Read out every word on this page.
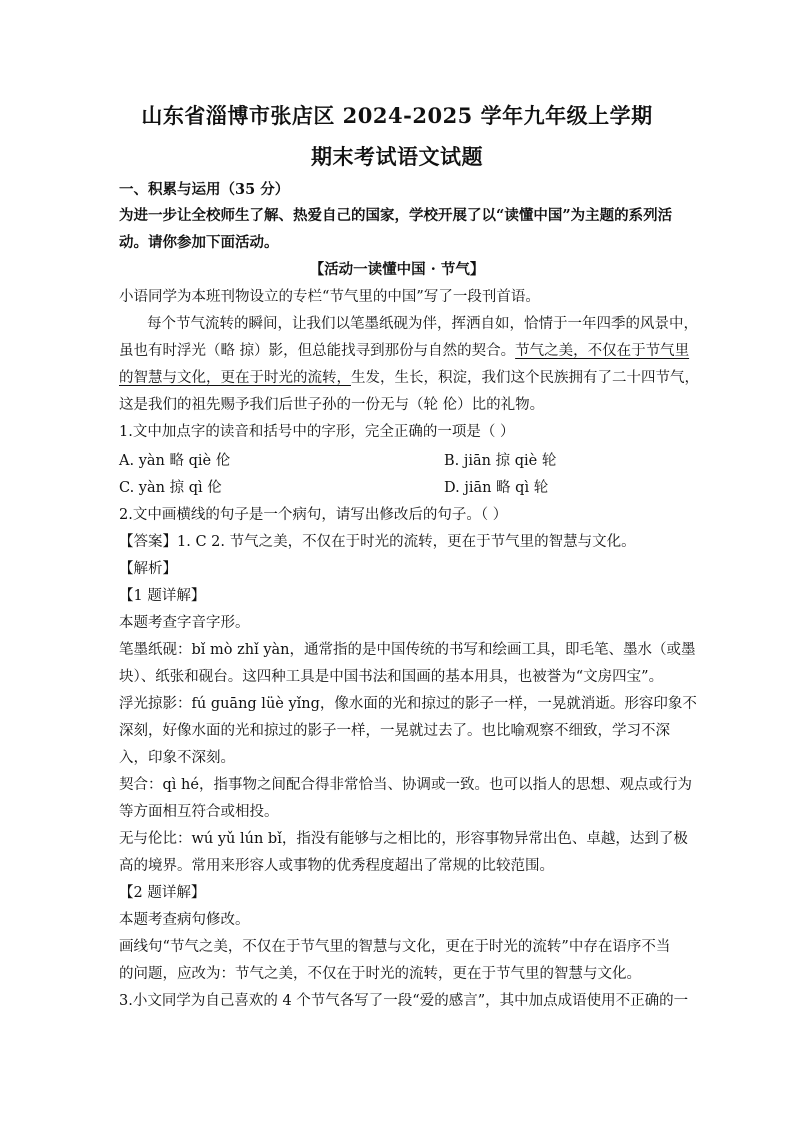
山东省淄博市张店区 2024-2025 学年九年级上学期
期末考试语文试题
一、积累与运用（35 分）
为进一步让全校师生了解、热爱自己的国家，学校开展了以“读懂中国”为主题的系列活
动。请你参加下面活动。
【活动一读懂中国 · 节气】
小语同学为本班刊物设立的专栏“节气里的中国”写了一段刊首语。
每个节气流转的瞬间，让我们以笔墨纸砚为伴，挥洒自如，恰情于一年四季的风景中，
虽也有时浮光（略 掠）影，但总能找寻到那份与自然的契合。节气之美，不仅在于节气里
的智慧与文化，更在于时光的流转，生发，生长，积淀，我们这个民族拥有了二十四节气，
这是我们的祖先赐予我们后世子孙的一份无与（轮 伦）比的礼物。
1.文中加点字的读音和括号中的字形，完全正确的一项是（ ）
A. yàn 略 qiè 伦	B. jiān 掠 qiè 轮
C. yàn 掠 qì 伦	D. jiān 略 qì 轮
2.文中画横线的句子是一个病句，请写出修改后的句子。（ ）
【答案】1. C 2. 节气之美，不仅在于时光的流转，更在于节气里的智慧与文化。
【解析】
【1 题详解】
本题考查字音字形。
笔墨纸砚：bǐ mò zhǐ yàn，通常指的是中国传统的书写和绘画工具，即毛笔、墨水（或墨
块）、纸张和砚台。这四种工具是中国书法和国画的基本用具，也被誉为“文房四宝”。
浮光掠影：fú guāng lüè yǐng，像水面的光和掠过的影子一样，一晃就消逝。形容印象不
深刻，好像水面的光和掠过的影子一样，一晃就过去了。也比喻观察不细致，学习不深
入，印象不深刻。
契合：qì hé，指事物之间配合得非常恰当、协调或一致。也可以指人的思想、观点或行为
等方面相互符合或相投。
无与伦比：wú yǔ lún bǐ，指没有能够与之相比的，形容事物异常出色、卓越，达到了极
高的境界。常用来形容人或事物的优秀程度超出了常规的比较范围。
【2 题详解】
本题考查病句修改。
画线句“节气之美，不仅在于节气里的智慧与文化，更在于时光的流转”中存在语序不当
的问题，应改为：节气之美，不仅在于时光的流转，更在于节气里的智慧与文化。
3.小文同学为自己喜欢的 4 个节气各写了一段“爱的感言”，其中加点成语使用不正确的一
